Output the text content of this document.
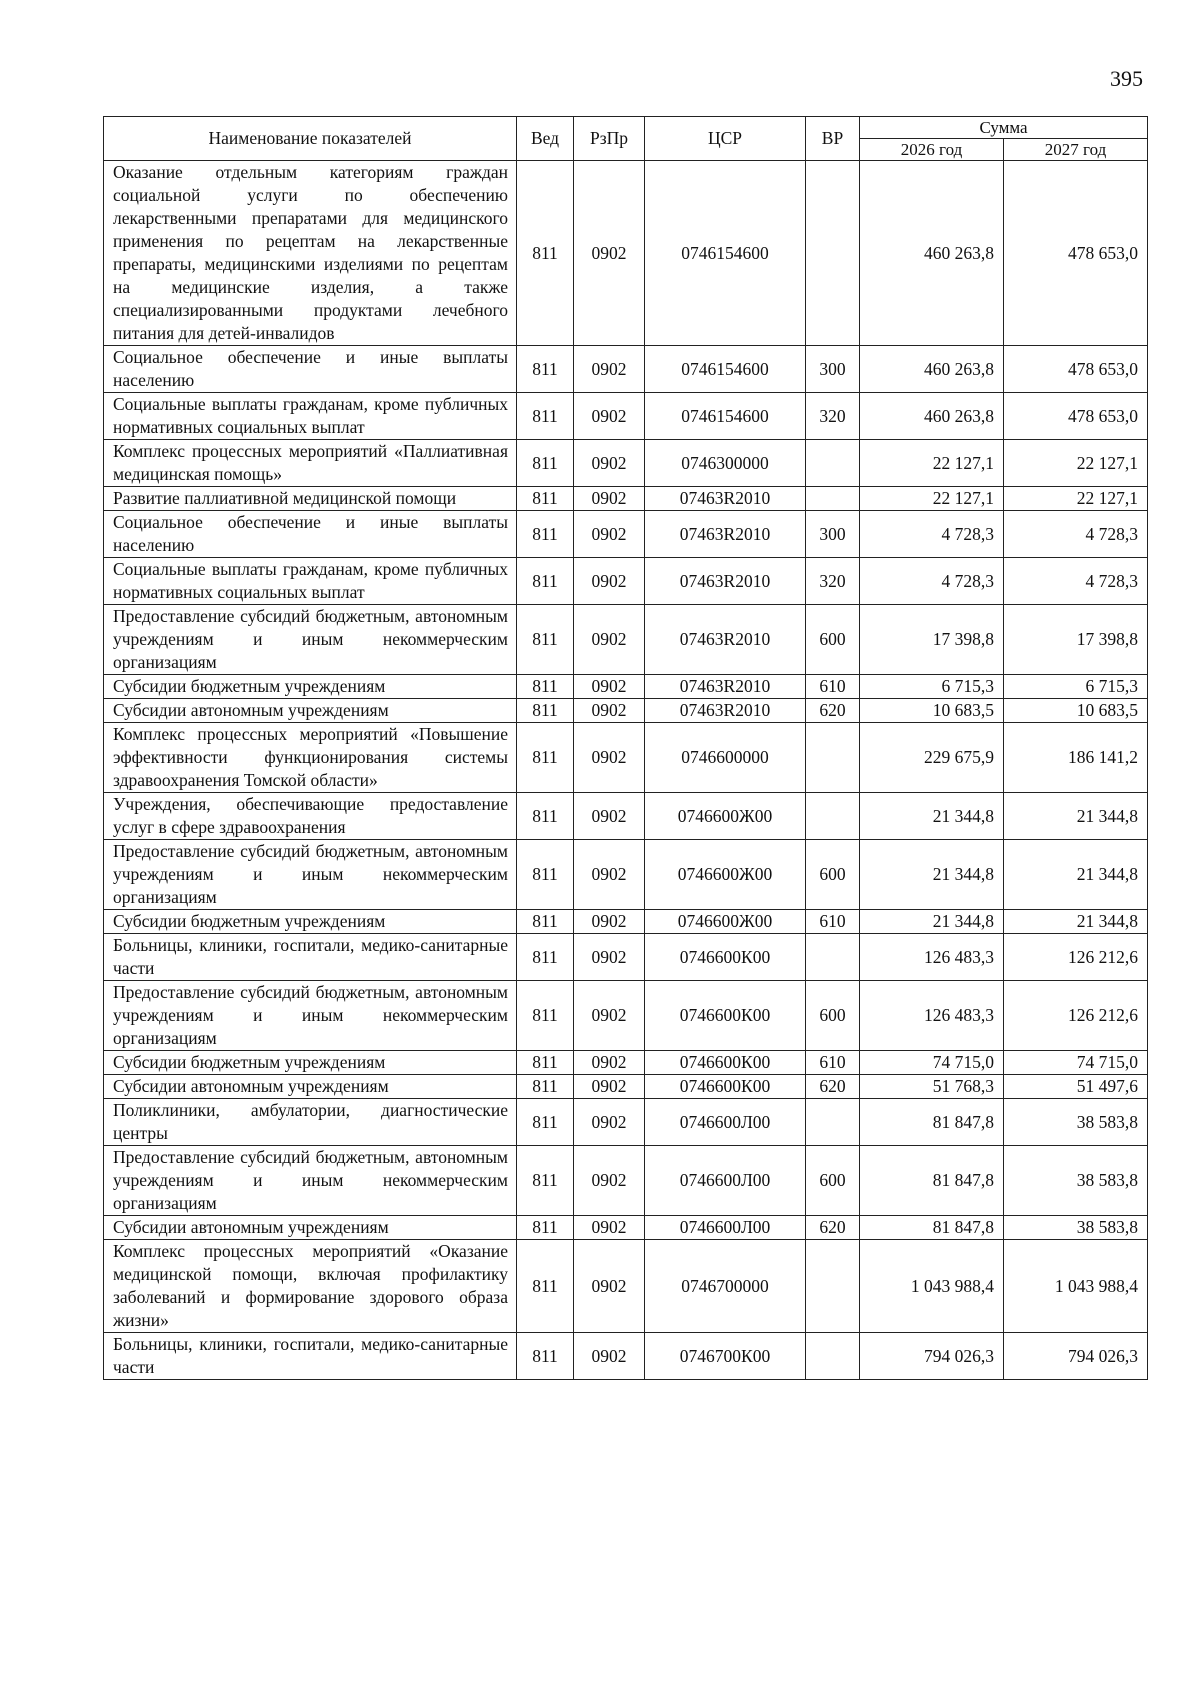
395
Наименование показателей	Вед	РзПр	ЦСР	ВР	Сумма	
					2026 год	2027 год
Оказание отдельным категориям граждан социальной услуги по обеспечению лекарственными препаратами для медицинского применения по рецептам на лекарственные препараты, медицинскими изделиями по рецептам на медицинские изделия, а также специализированными продуктами лечебного питания для детей-инвалидов	811	0902	0746154600		460 263,8	478 653,0
Социальное обеспечение и иные выплаты населению	811	0902	0746154600	300	460 263,8	478 653,0
Социальные выплаты гражданам, кроме публичных нормативных социальных выплат	811	0902	0746154600	320	460 263,8	478 653,0
Комплекс процессных мероприятий «Паллиативная медицинская помощь»	811	0902	0746300000		22 127,1	22 127,1
Развитие паллиативной медицинской помощи	811	0902	07463R2010		22 127,1	22 127,1
Социальное обеспечение и иные выплаты населению	811	0902	07463R2010	300	4 728,3	4 728,3
Социальные выплаты гражданам, кроме публичных нормативных социальных выплат	811	0902	07463R2010	320	4 728,3	4 728,3
Предоставление субсидий бюджетным, автономным учреждениям и иным некоммерческим организациям	811	0902	07463R2010	600	17 398,8	17 398,8
Субсидии бюджетным учреждениям	811	0902	07463R2010	610	6 715,3	6 715,3
Субсидии автономным учреждениям	811	0902	07463R2010	620	10 683,5	10 683,5
Комплекс процессных мероприятий «Повышение эффективности функционирования системы здравоохранения Томской области»	811	0902	0746600000		229 675,9	186 141,2
Учреждения, обеспечивающие предоставление услуг в сфере здравоохранения	811	0902	0746600Ж00		21 344,8	21 344,8
Предоставление субсидий бюджетным, автономным учреждениям и иным некоммерческим организациям	811	0902	0746600Ж00	600	21 344,8	21 344,8
Субсидии бюджетным учреждениям	811	0902	0746600Ж00	610	21 344,8	21 344,8
Больницы, клиники, госпитали, медико-санитарные части	811	0902	0746600К00		126 483,3	126 212,6
Предоставление субсидий бюджетным, автономным учреждениям и иным некоммерческим организациям	811	0902	0746600К00	600	126 483,3	126 212,6
Субсидии бюджетным учреждениям	811	0902	0746600К00	610	74 715,0	74 715,0
Субсидии автономным учреждениям	811	0902	0746600К00	620	51 768,3	51 497,6
Поликлиники, амбулатории, диагностические центры	811	0902	0746600Л00		81 847,8	38 583,8
Предоставление субсидий бюджетным, автономным учреждениям и иным некоммерческим организациям	811	0902	0746600Л00	600	81 847,8	38 583,8
Субсидии автономным учреждениям	811	0902	0746600Л00	620	81 847,8	38 583,8
Комплекс процессных мероприятий «Оказание медицинской помощи, включая профилактику заболеваний и формирование здорового образа жизни»	811	0902	0746700000		1 043 988,4	1 043 988,4
Больницы, клиники, госпитали, медико-санитарные части	811	0902	0746700К00		794 026,3	794 026,3
